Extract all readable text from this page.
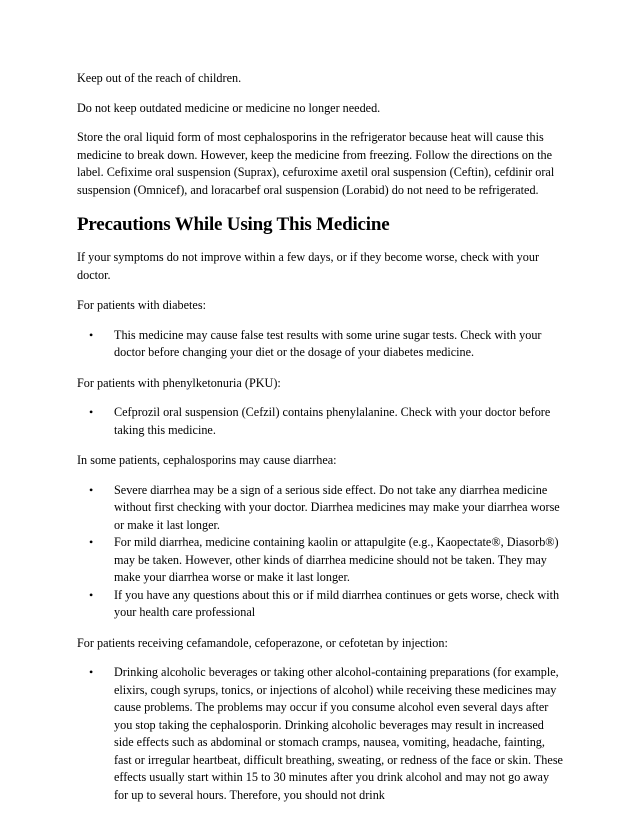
Keep out of the reach of children.

Do not keep outdated medicine or medicine no longer needed.

Store the oral liquid form of most cephalosporins in the refrigerator because heat will cause this medicine to break down. However, keep the medicine from freezing. Follow the directions on the label. Cefixime oral suspension (Suprax), cefuroxime axetil oral suspension (Ceftin), cefdinir oral suspension (Omnicef), and loracarbef oral suspension (Lorabid) do not need to be refrigerated.

Precautions While Using This Medicine

If your symptoms do not improve within a few days, or if they become worse, check with your doctor.

For patients with diabetes:

• This medicine may cause false test results with some urine sugar tests. Check with your doctor before changing your diet or the dosage of your diabetes medicine.

For patients with phenylketonuria (PKU):

• Cefprozil oral suspension (Cefzil) contains phenylalanine. Check with your doctor before taking this medicine.

In some patients, cephalosporins may cause diarrhea:

• Severe diarrhea may be a sign of a serious side effect. Do not take any diarrhea medicine without first checking with your doctor. Diarrhea medicines may make your diarrhea worse or make it last longer.
• For mild diarrhea, medicine containing kaolin or attapulgite (e.g., Kaopectate®, Diasorb®) may be taken. However, other kinds of diarrhea medicine should not be taken. They may make your diarrhea worse or make it last longer.
• If you have any questions about this or if mild diarrhea continues or gets worse, check with your health care professional

For patients receiving cefamandole, cefoperazone, or cefotetan by injection:

• Drinking alcoholic beverages or taking other alcohol-containing preparations (for example, elixirs, cough syrups, tonics, or injections of alcohol) while receiving these medicines may cause problems. The problems may occur if you consume alcohol even several days after you stop taking the cephalosporin. Drinking alcoholic beverages may result in increased side effects such as abdominal or stomach cramps, nausea, vomiting, headache, fainting, fast or irregular heartbeat, difficult breathing, sweating, or redness of the face or skin. These effects usually start within 15 to 30 minutes after you drink alcohol and may not go away for up to several hours. Therefore, you should not drink
